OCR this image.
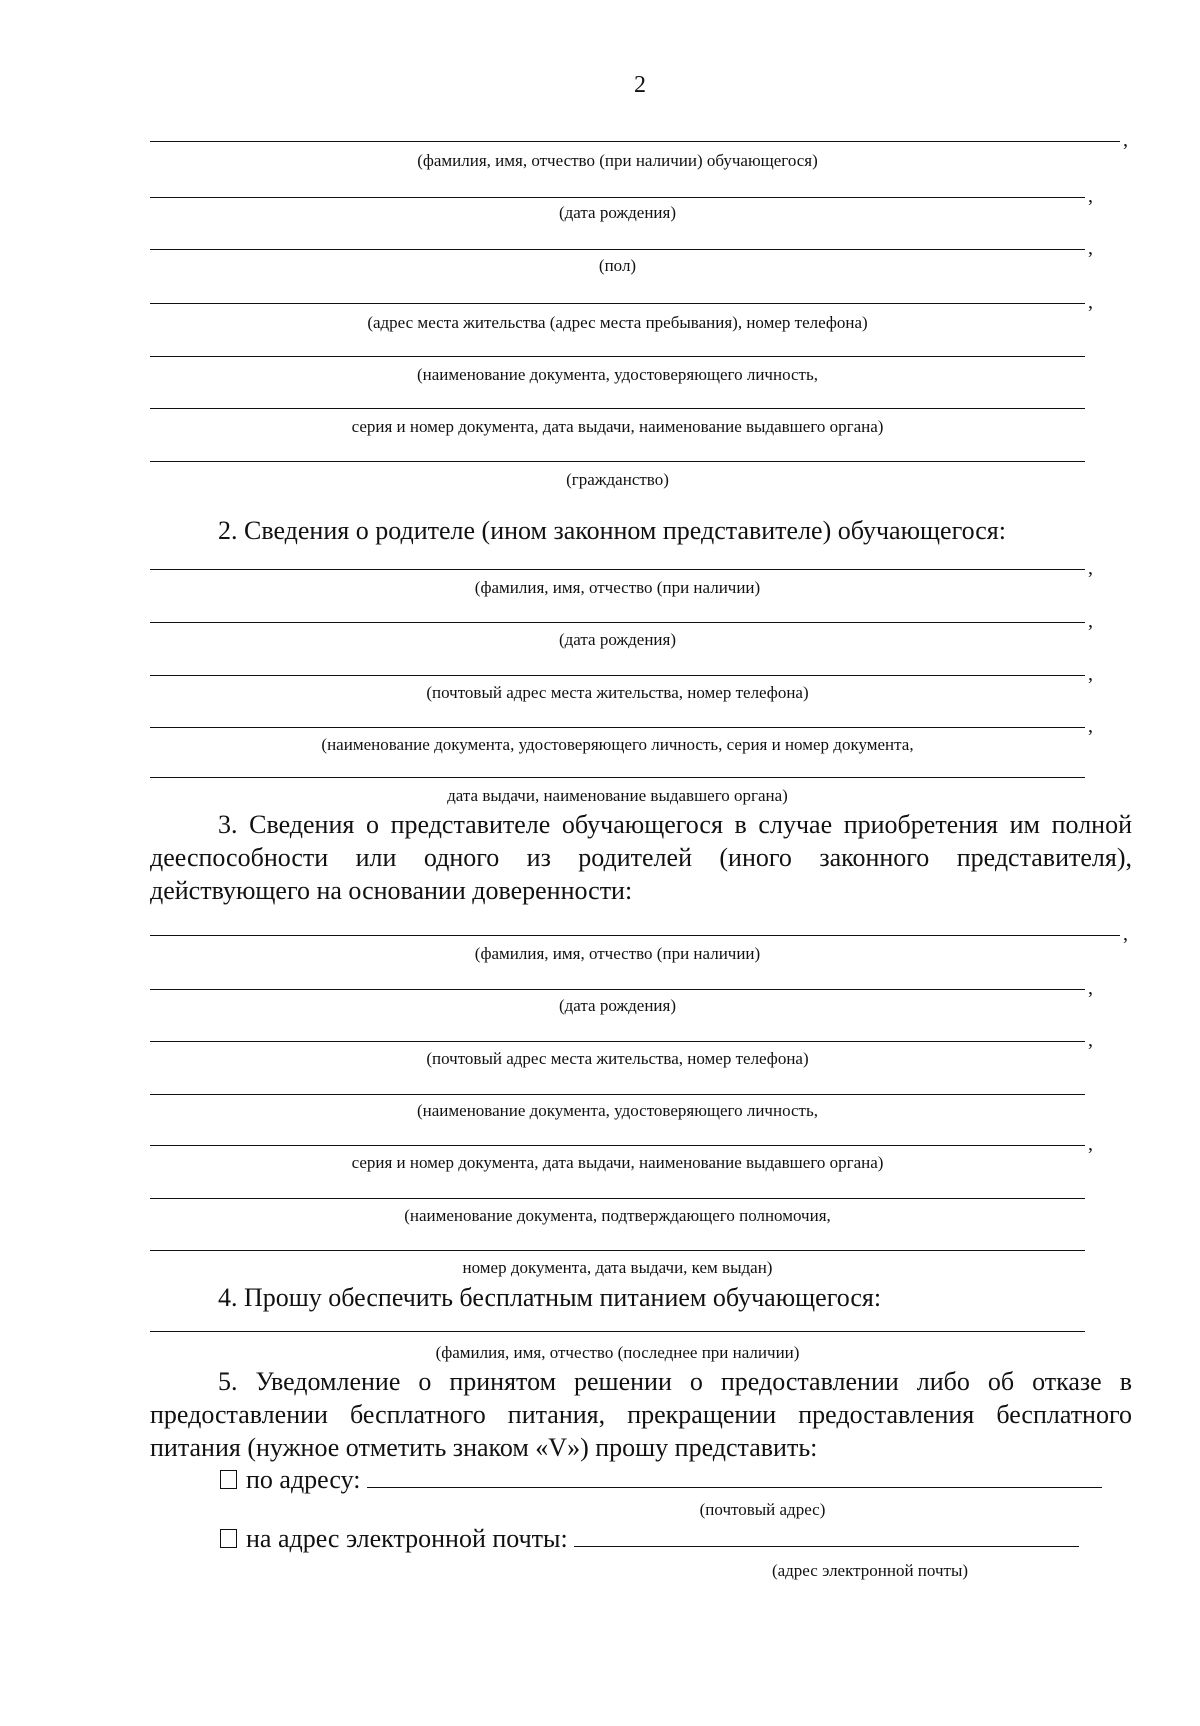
2
,
(фамилия, имя, отчество (при наличии) обучающегося)
,
(дата рождения)
,
(пол)
,
(адрес места жительства (адрес места пребывания), номер телефона)
(наименование документа, удостоверяющего личность,
серия и номер документа, дата выдачи, наименование выдавшего органа)
(гражданство)
2. Сведения о родителе (ином законном представителе) обучающегося:
,
(фамилия, имя, отчество (при наличии)
,
(дата рождения)
,
(почтовый адрес места жительства, номер телефона)
,
(наименование документа, удостоверяющего личность, серия и номер документа,
дата выдачи, наименование выдавшего органа)
3. Сведения о представителе обучающегося в случае приобретения им полной дееспособности или одного из родителей (иного законного представителя), действующего на основании доверенности:
,
(фамилия, имя, отчество (при наличии)
,
(дата рождения)
,
(почтовый адрес места жительства, номер телефона)
(наименование документа, удостоверяющего личность,
,
серия и номер документа, дата выдачи, наименование выдавшего органа)
(наименование документа, подтверждающего полномочия,
номер документа, дата выдачи, кем выдан)
4. Прошу обеспечить бесплатным питанием обучающегося:
(фамилия, имя, отчество (последнее при наличии)
5. Уведомление о принятом решении о предоставлении либо об отказе в предоставлении бесплатного питания, прекращении предоставления бесплатного питания (нужное отметить знаком «V») прошу представить:
по адресу:
(почтовый адрес)
на адрес электронной почты:
(адрес электронной почты)
